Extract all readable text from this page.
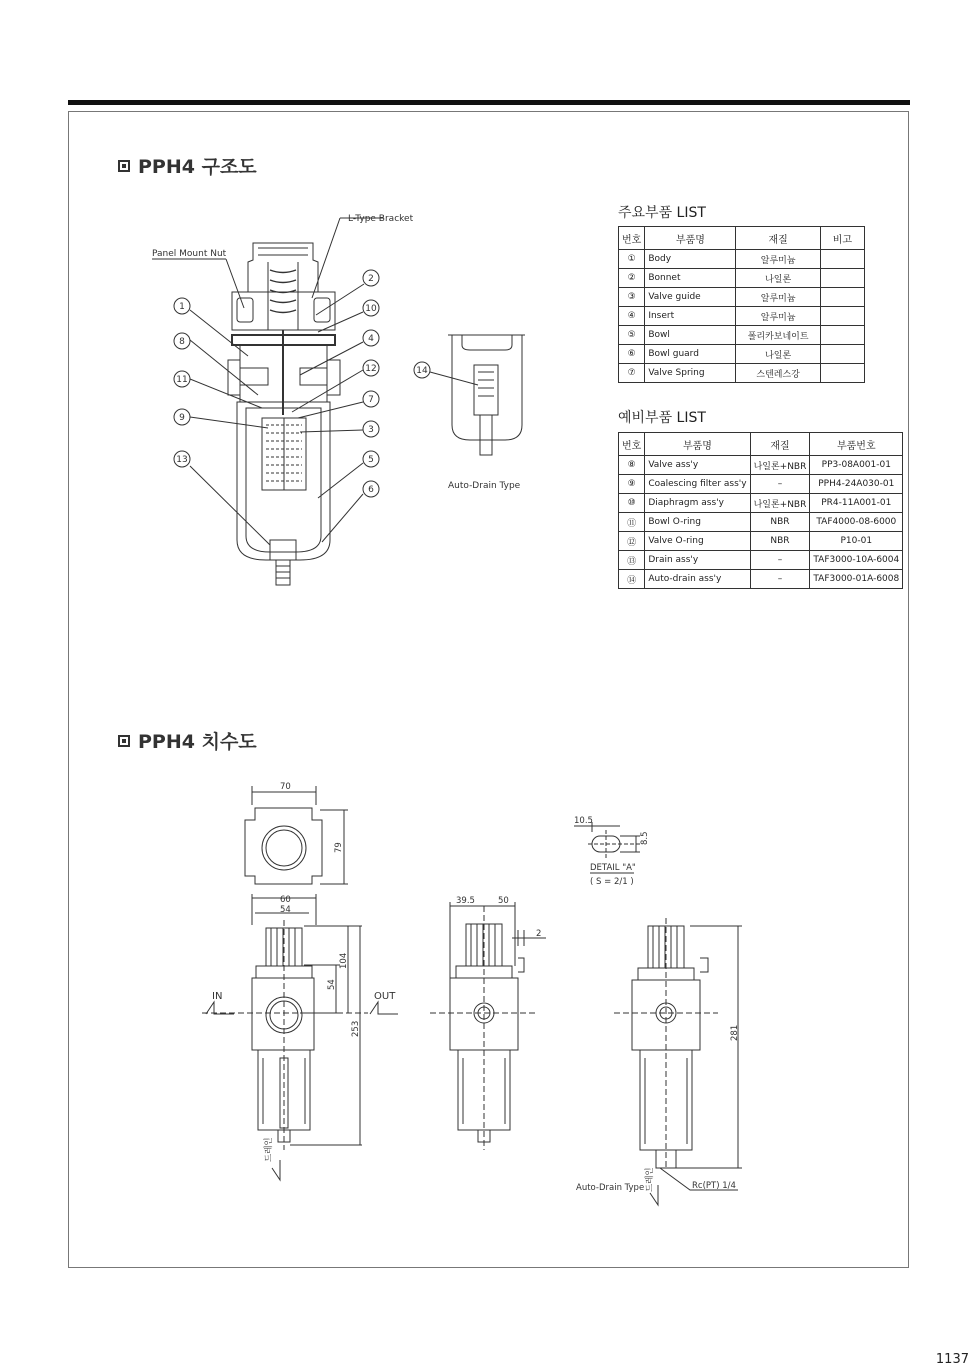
PPH4 구조도
PPH4 치수도
주요부품 LIST
번호	부품명	재질	비고
①	Body	알루미늄	
②	Bonnet	나일론	
③	Valve guide	알루미늄	
④	Insert	알루미늄	
⑤	Bowl	폴리카보네이트	
⑥	Bowl guard	나일론	
⑦	Valve Spring	스텐레스강	
예비부품 LIST
번호	부품명	재질	부품번호
⑧	Valve ass'y	나일론+NBR	PP3-08A001-01
⑨	Coalescing filter ass'y	–	PPH4-24A030-01
⑩	Diaphragm ass'y	나일론+NBR	PR4-11A001-01
⑪	Bowl O-ring	NBR	TAF4000-08-6000
⑫	Valve O-ring	NBR	P10-01
⑬	Drain ass'y	–	TAF3000-10A-6004
⑭	Auto-drain ass'y	–	TAF3000-01A-6008
L-Type Bracket
Panel Mount Nut
Auto-Drain Type
1
8
11
9
13
2
10
4
12
7
3
5
6
14
70
79
60
54
104
54
253
IN	OUT
드레인
39.5	50
2
10.5
8.5
DETAIL "A"
( S = 2/1 )
281
Auto-Drain Type 드레인	Rc(PT) 1/4
1137
